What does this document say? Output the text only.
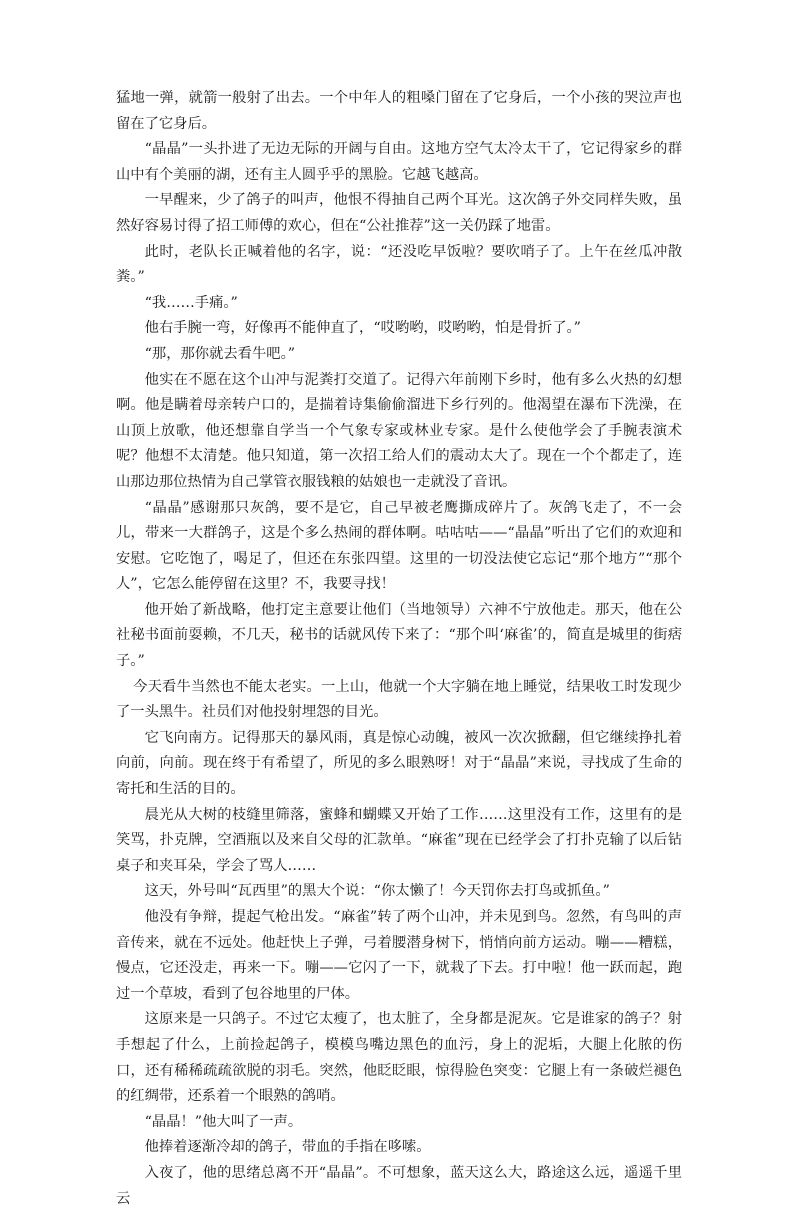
猛地一弹，就箭一般射了出去。一个中年人的粗嗓门留在了它身后，一个小孩的哭泣声也留在了它身后。

“晶晶”一头扑进了无边无际的开阔与自由。这地方空气太冷太干了，它记得家乡的群山中有个美丽的湖，还有主人圆乎乎的黑脸。它越飞越高。

一早醒来，少了鸽子的叫声，他恨不得抽自己两个耳光。这次鸽子外交同样失败，虽然好容易讨得了招工师傅的欢心，但在“公社推荐”这一关仍踩了地雷。

此时，老队长正喊着他的名字，说：“还没吃早饭啦？要吹哨子了。上午在丝瓜冲散粪。”

“我……手痛。”

他右手腕一弯，好像再不能伸直了，“哎哟哟，哎哟哟，怕是骨折了。”

“那，那你就去看牛吧。”

他实在不愿在这个山冲与泥粪打交道了。记得六年前刚下乡时，他有多么火热的幻想啊。他是瞒着母亲转户口的，是揣着诗集偷偷溜进下乡行列的。他渴望在瀑布下洗澡，在山顶上放歌，他还想靠自学当一个气象专家或林业专家。是什么使他学会了手腕表演术呢？他想不太清楚。他只知道，第一次招工给人们的震动太大了。现在一个个都走了，连山那边那位热情为自己掌管衣服钱粮的姑娘也一走就没了音讯。

“晶晶”感谢那只灰鸽，要不是它，自己早被老鹰撕成碎片了。灰鸽飞走了，不一会儿，带来一大群鸽子，这是个多么热闹的群体啊。咕咕咕——“晶晶”听出了它们的欢迎和安慰。它吃饱了，喝足了，但还在东张四望。这里的一切没法使它忘记“那个地方”“那个人”，它怎么能停留在这里？不，我要寻找！

他开始了新战略，他打定主意要让他们（当地领导）六神不宁放他走。那天，他在公社秘书面前耍赖，不几天，秘书的话就风传下来了：“那个叫‘麻雀’的，简直是城里的街痞子。”

今天看牛当然也不能太老实。一上山，他就一个大字躺在地上睡觉，结果收工时发现少了一头黑牛。社员们对他投射埋怨的目光。

它飞向南方。记得那天的暴风雨，真是惊心动魄，被风一次次掀翻，但它继续挣扎着向前，向前。现在终于有希望了，所见的多么眼熟呀！对于“晶晶”来说，寻找成了生命的寄托和生活的目的。

晨光从大树的枝缝里筛落，蜜蜂和蝴蝶又开始了工作……这里没有工作，这里有的是笑骂，扑克牌，空酒瓶以及来自父母的汇款单。“麻雀”现在已经学会了打扑克输了以后钻桌子和夹耳朵，学会了骂人……

这天，外号叫“瓦西里”的黑大个说：“你太懒了！今天罚你去打鸟或抓鱼。”

他没有争辩，提起气枪出发。“麻雀”转了两个山冲，并未见到鸟。忽然，有鸟叫的声音传来，就在不远处。他赶快上子弹，弓着腰潜身树下，悄悄向前方运动。嘣——糟糕，慢点，它还没走，再来一下。嘣——它闪了一下，就栽了下去。打中啦！他一跃而起，跑过一个草坡，看到了包谷地里的尸体。

这原来是一只鸽子。不过它太瘦了，也太脏了，全身都是泥灰。它是谁家的鸽子？射手想起了什么，上前捡起鸽子，模模鸟嘴边黑色的血污，身上的泥垢，大腿上化脓的伤口，还有稀稀疏疏欲脱的羽毛。突然，他眨眨眼，惊得脸色突变：它腿上有一条破烂褪色的红绸带，还系着一个眼熟的鸽哨。

“晶晶！”他大叫了一声。

他捧着逐渐冷却的鸽子，带血的手指在哆嗦。

入夜了，他的思绪总离不开“晶晶”。不可想象，蓝天这么大，路途这么远，遥遥千里云
